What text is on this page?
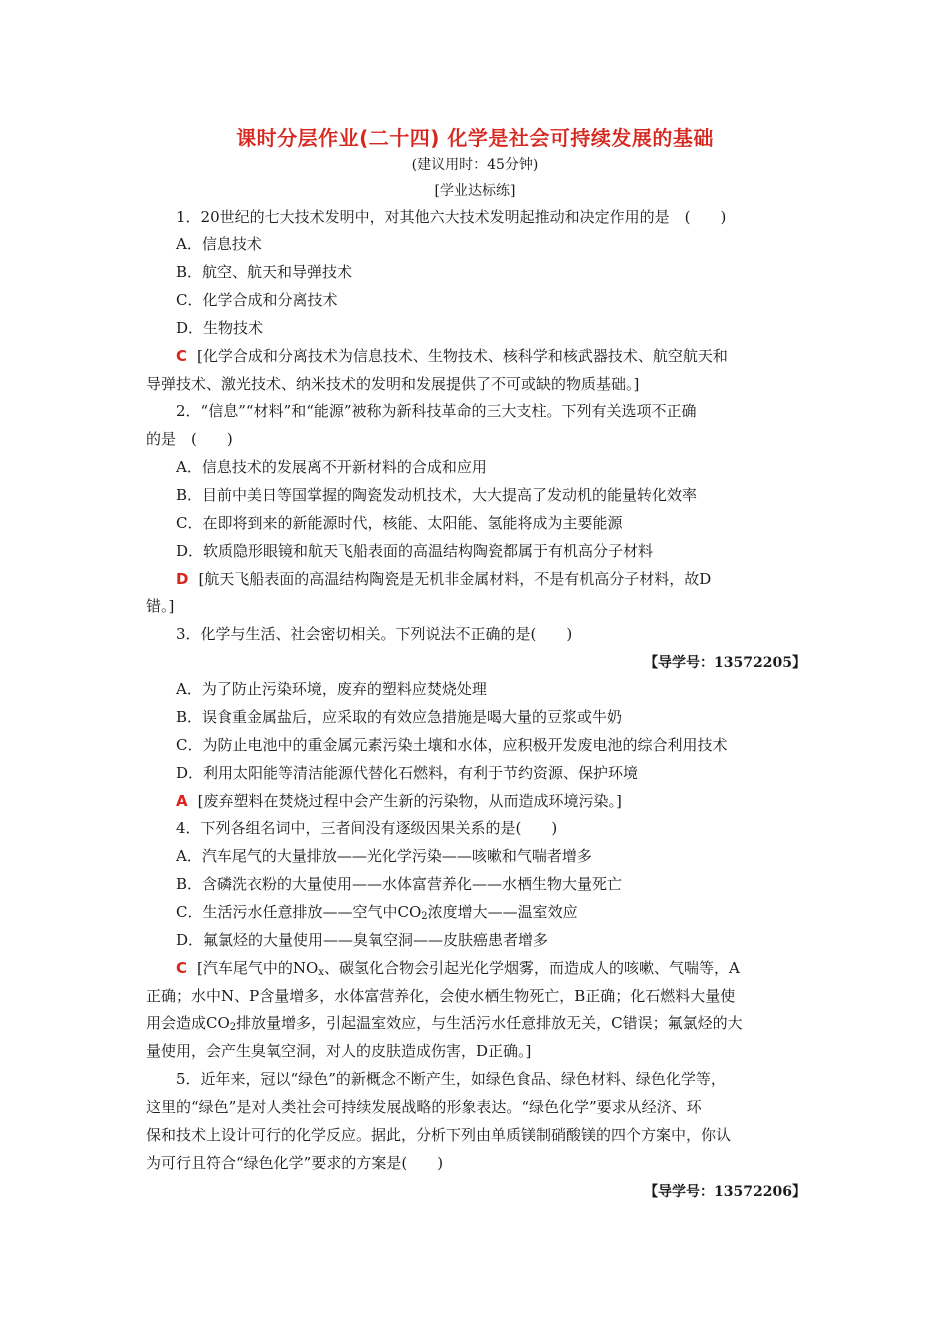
课时分层作业(二十四) 化学是社会可持续发展的基础
(建议用时：45分钟)
[学业达标练]
1．20世纪的七大技术发明中，对其他六大技术发明起推动和决定作用的是　(　　)
A．信息技术
B．航空、航天和导弹技术
C．化学合成和分离技术
D．生物技术
C [化学合成和分离技术为信息技术、生物技术、核科学和核武器技术、航空航天和
导弹技术、激光技术、纳米技术的发明和发展提供了不可或缺的物质基础。]
2．“信息”“材料”和“能源”被称为新科技革命的三大支柱。下列有关选项不正确
的是　(　　)
A．信息技术的发展离不开新材料的合成和应用
B．目前中美日等国掌握的陶瓷发动机技术，大大提高了发动机的能量转化效率
C．在即将到来的新能源时代，核能、太阳能、氢能将成为主要能源
D．软质隐形眼镜和航天飞船表面的高温结构陶瓷都属于有机高分子材料
D [航天飞船表面的高温结构陶瓷是无机非金属材料，不是有机高分子材料，故D
错。]
3．化学与生活、社会密切相关。下列说法不正确的是(　　)
【导学号：13572205】
A．为了防止污染环境，废弃的塑料应焚烧处理
B．误食重金属盐后，应采取的有效应急措施是喝大量的豆浆或牛奶
C．为防止电池中的重金属元素污染土壤和水体，应积极开发废电池的综合利用技术
D．利用太阳能等清洁能源代替化石燃料，有利于节约资源、保护环境
A [废弃塑料在焚烧过程中会产生新的污染物，从而造成环境污染。]
4．下列各组名词中，三者间没有逐级因果关系的是(　　)
A．汽车尾气的大量排放——光化学污染——咳嗽和气喘者增多
B．含磷洗衣粉的大量使用——水体富营养化——水栖生物大量死亡
C．生活污水任意排放——空气中$CO_2$浓度增大——温室效应
D．氟氯烃的大量使用——臭氧空洞——皮肤癌患者增多
C [汽车尾气中的$NO_x$、碳氢化合物会引起光化学烟雾，而造成人的咳嗽、气喘等，A
正确；水中N、P含量增多，水体富营养化，会使水栖生物死亡，B正确；化石燃料大量使
用会造成$CO_2$排放量增多，引起温室效应，与生活污水任意排放无关，C错误；氟氯烃的大
量使用，会产生臭氧空洞，对人的皮肤造成伤害，D正确。]
5．近年来，冠以“绿色”的新概念不断产生，如绿色食品、绿色材料、绿色化学等，
这里的“绿色”是对人类社会可持续发展战略的形象表达。“绿色化学”要求从经济、环
保和技术上设计可行的化学反应。据此，分析下列由单质镁制硝酸镁的四个方案中，你认
为可行且符合“绿色化学”要求的方案是(　　)
【导学号：13572206】
